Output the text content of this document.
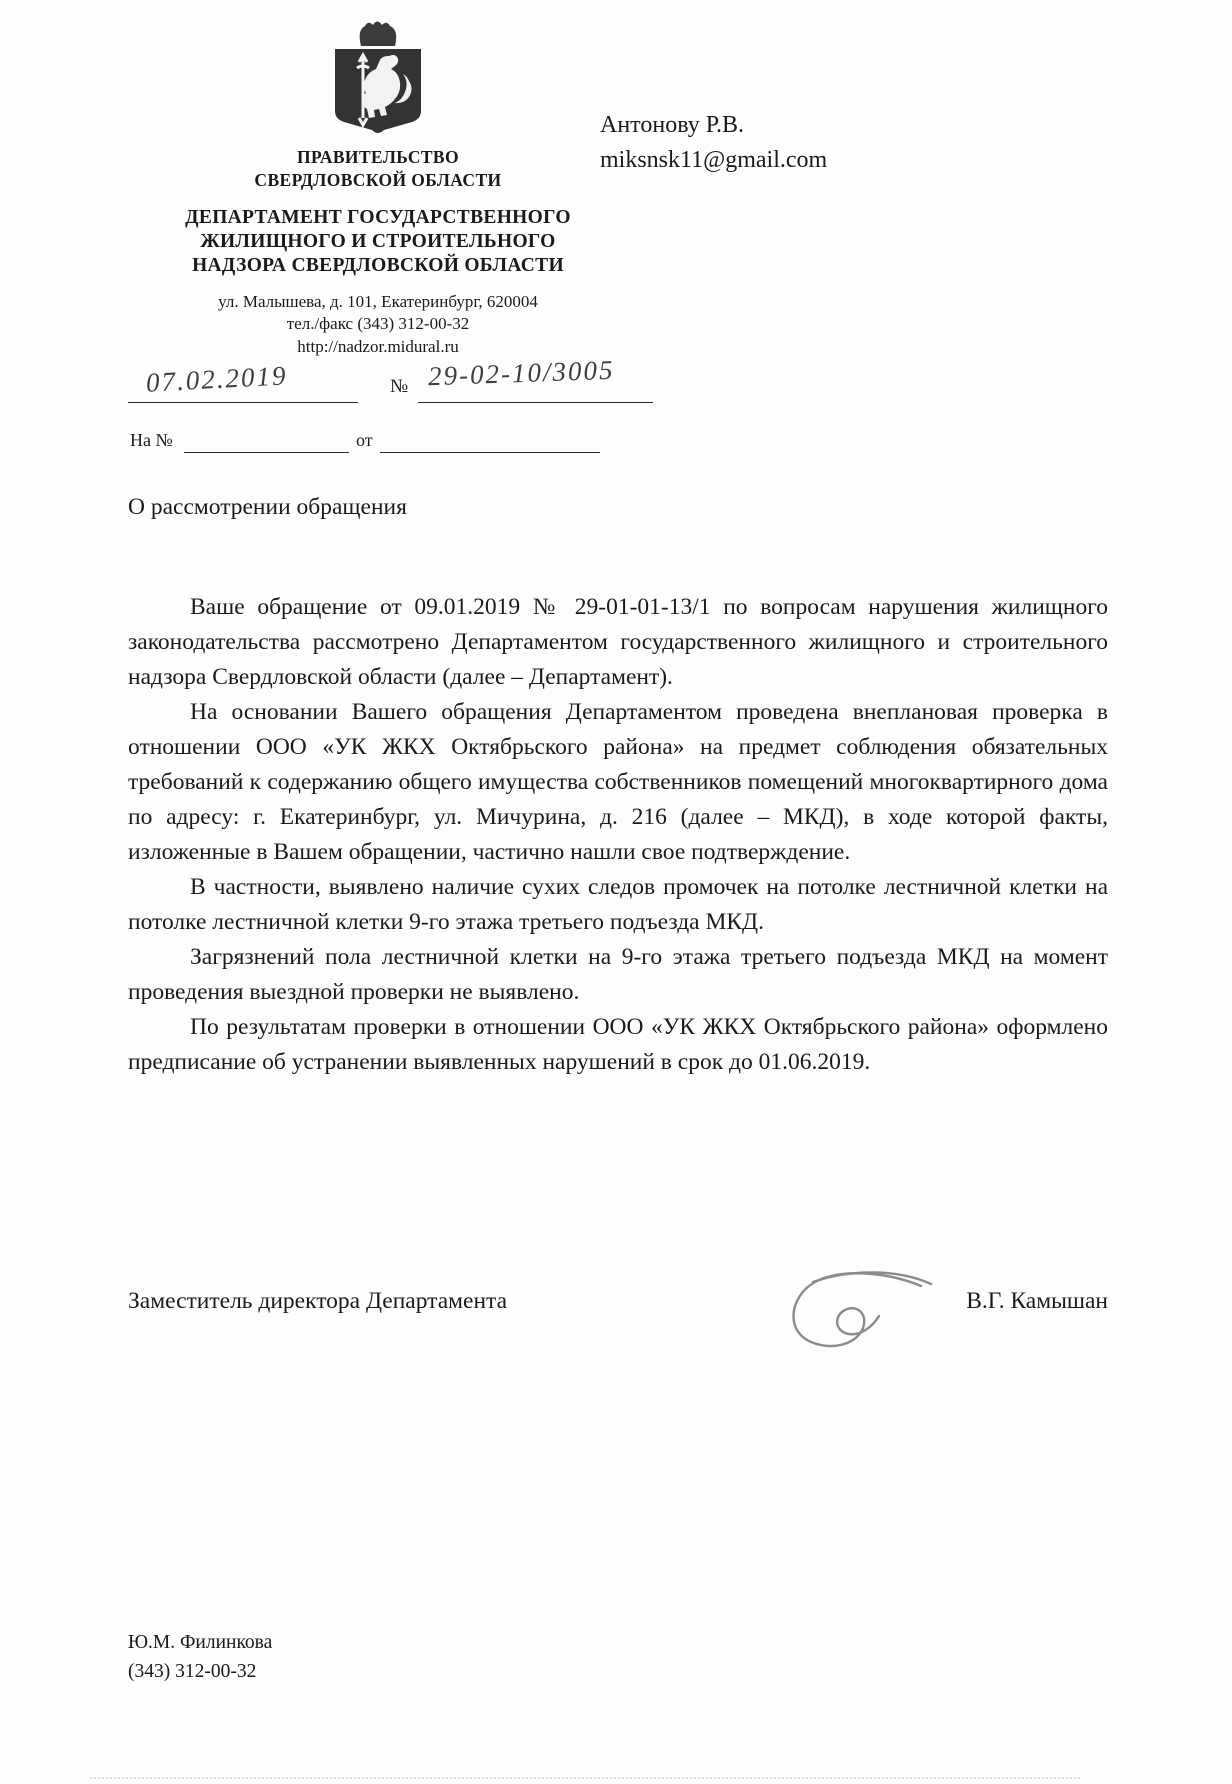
ПРАВИТЕЛЬСТВО
СВЕРДЛОВСКОЙ ОБЛАСТИ
ДЕПАРТАМЕНТ ГОСУДАРСТВЕННОГО
ЖИЛИЩНОГО И СТРОИТЕЛЬНОГО
НАДЗОРА СВЕРДЛОВСКОЙ ОБЛАСТИ
ул. Малышева, д. 101, Екатеринбург, 620004
тел./факс (343) 312-00-32
http://nadzor.midural.ru
07.02.2019	№ 29-02-10/3005
На №	от
Антонову Р.В.
miksnsk11@gmail.com
О рассмотрении обращения

Ваше обращение от 09.01.2019 № 29-01-01-13/1 по вопросам нарушения жилищного законодательства рассмотрено Департаментом государственного жилищного и строительного надзора Свердловской области (далее – Департамент).

На основании Вашего обращения Департаментом проведена внеплановая проверка в отношении ООО «УК ЖКХ Октябрьского района» на предмет соблюдения обязательных требований к содержанию общего имущества собственников помещений многоквартирного дома по адресу: г. Екатеринбург, ул. Мичурина, д. 216 (далее – МКД), в ходе которой факты, изложенные в Вашем обращении, частично нашли свое подтверждение.

В частности, выявлено наличие сухих следов промочек на потолке лестничной клетки на потолке лестничной клетки 9-го этажа третьего подъезда МКД.

Загрязнений пола лестничной клетки на 9-го этажа третьего подъезда МКД на момент проведения выездной проверки не выявлено.

По результатам проверки в отношении ООО «УК ЖКХ Октябрьского района» оформлено предписание об устранении выявленных нарушений в срок до 01.06.2019.

Заместитель директора Департамента	В.Г. Камышан
Ю.М. Филинкова
(343) 312-00-32
